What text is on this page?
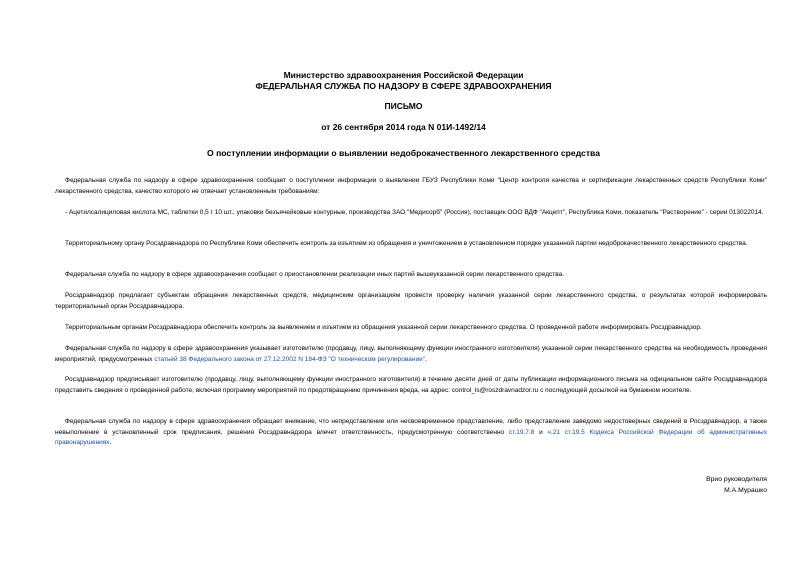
Министерство здравоохранения Российской Федерации
ФЕДЕРАЛЬНАЯ СЛУЖБА ПО НАДЗОРУ В СФЕРЕ ЗДРАВООХРАНЕНИЯ
ПИСЬМО
от 26 сентября 2014 года N 01И-1492/14
О поступлении информации о выявлении недоброкачественного лекарственного средства

Федеральная служба по надзору в сфере здравоохранения сообщает о поступлении информации о выявлении ГБУЗ Республики Коми "Центр контроля качества и сертификации лекарственных средств Республики Коми" лекарственного средства, качество которого не отвечает установленным требованиям:

- Ацетилсалициловая кислота МС, таблетки 0,5 г 10 шт., упаковки безъячейковые контурные, производства ЗАО "Медисорб" (Россия), поставщик ООО ВДФ "Акцепт", Республика Коми, показатель "Растворение" - серии 013022014.

Территориальному органу Росздравнадзора по Республике Коми обеспечить контроль за изъятием из обращения и уничтожением в установленном порядке указанной партии недоброкачественного лекарственного средства.

Федеральная служба по надзору в сфере здравоохранения сообщает о приостановлении реализации иных партий вышеуказанной серии лекарственного средства.

Росздравнадзор предлагает субъектам обращения лекарственных средств, медицинским организациям провести проверку наличия указанной серии лекарственного средства, о результатах которой информировать территориальный орган Росздравнадзора.

Территориальным органам Росздравнадзора обеспечить контроль за выявлением и изъятием из обращения указанной серии лекарственного средства. О проведенной работе информировать Росздравнадзор.

Федеральная служба по надзору в сфере здравоохранения указывает изготовителю (продавцу, лицу, выполняющему функции иностранного изготовителя) указанной серии лекарственного средства на необходимость проведения мероприятий, предусмотренных статьей 38 Федерального закона от 27.12.2002 N 184-ФЗ "О техническом регулировании".

Росздравнадзор предписывает изготовителю (продавцу, лицу, выполняющему функции иностранного изготовителя) в течение десяти дней от даты публикации информационного письма на официальном сайте Росздравнадзора представить сведения о проведенной работе, включая программу мероприятий по предотвращению причинения вреда, на адрес: control_ls@roszdravnadzor.ru с последующей досылкой на бумажном носителе.

Федеральная служба по надзору в сфере здравоохранения обращает внимание, что непредставление или несвоевременное представление, либо представление заведомо недостоверных сведений в Росздравнадзор, а также невыполнение в установленный срок предписания, решения Росздравнадзора влечет ответственность, предусмотренную соответственно ст.19.7.8 и ч.21 ст.19.5 Кодекса Российской Федерации об административных правонарушениях.

Врио руководителя
М.А.Мурашко
